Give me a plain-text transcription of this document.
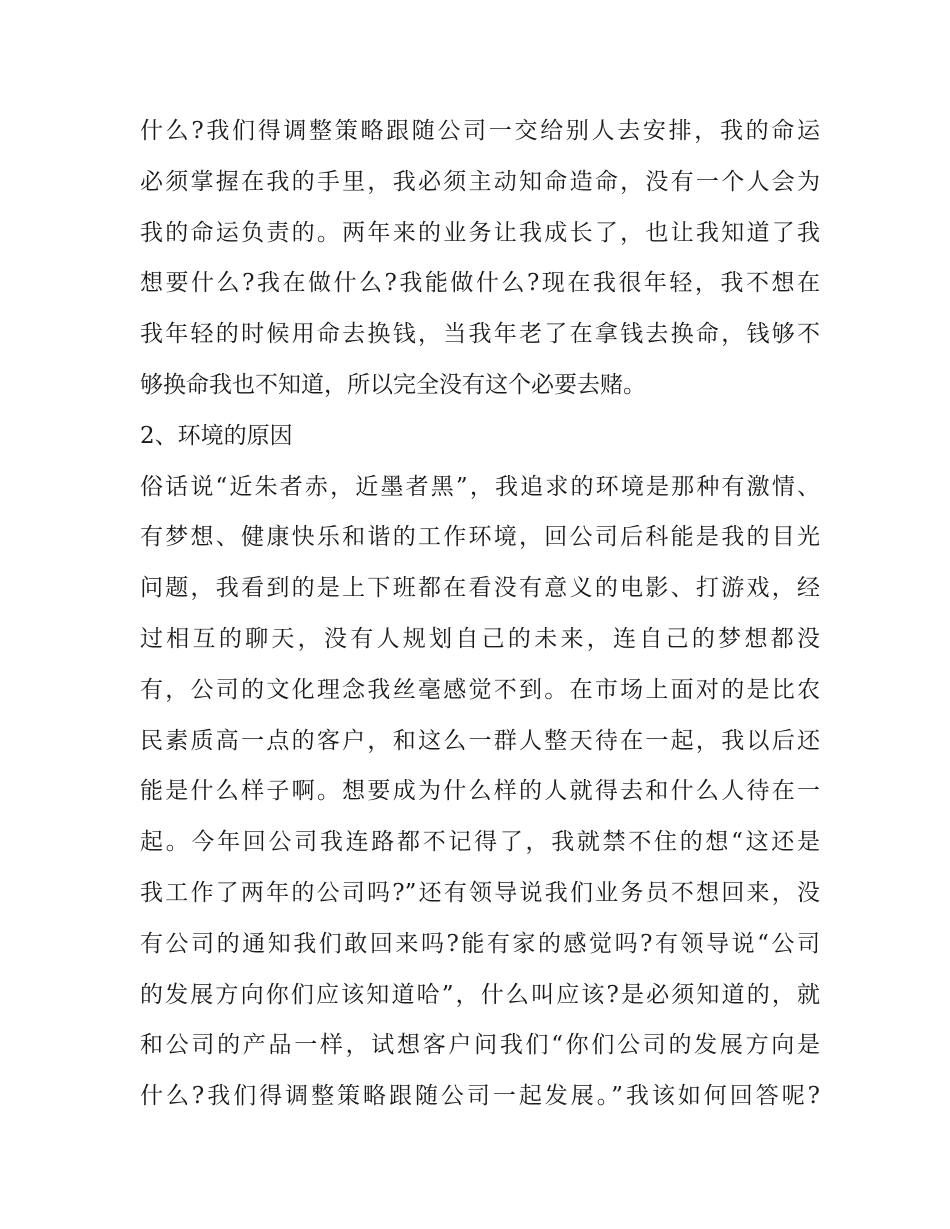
什么?我们得调整策略跟随公司一交给别人去安排，我的命运
必须掌握在我的手里，我必须主动知命造命，没有一个人会为
我的命运负责的。两年来的业务让我成长了，也让我知道了我
想要什么?我在做什么?我能做什么?现在我很年轻，我不想在
我年轻的时候用命去换钱，当我年老了在拿钱去换命，钱够不
够换命我也不知道，所以完全没有这个必要去赌。
2、环境的原因
俗话说“近朱者赤，近墨者黑”，我追求的环境是那种有激情、
有梦想、健康快乐和谐的工作环境，回公司后科能是我的目光
问题，我看到的是上下班都在看没有意义的电影、打游戏，经
过相互的聊天，没有人规划自己的未来，连自己的梦想都没
有，公司的文化理念我丝毫感觉不到。在市场上面对的是比农
民素质高一点的客户，和这么一群人整天待在一起，我以后还
能是什么样子啊。想要成为什么样的人就得去和什么人待在一
起。今年回公司我连路都不记得了，我就禁不住的想“这还是
我工作了两年的公司吗?”还有领导说我们业务员不想回来，没
有公司的通知我们敢回来吗?能有家的感觉吗?有领导说“公司
的发展方向你们应该知道哈”，什么叫应该?是必须知道的，就
和公司的产品一样，试想客户问我们“你们公司的发展方向是
什么?我们得调整策略跟随公司一起发展。”我该如何回答呢?
